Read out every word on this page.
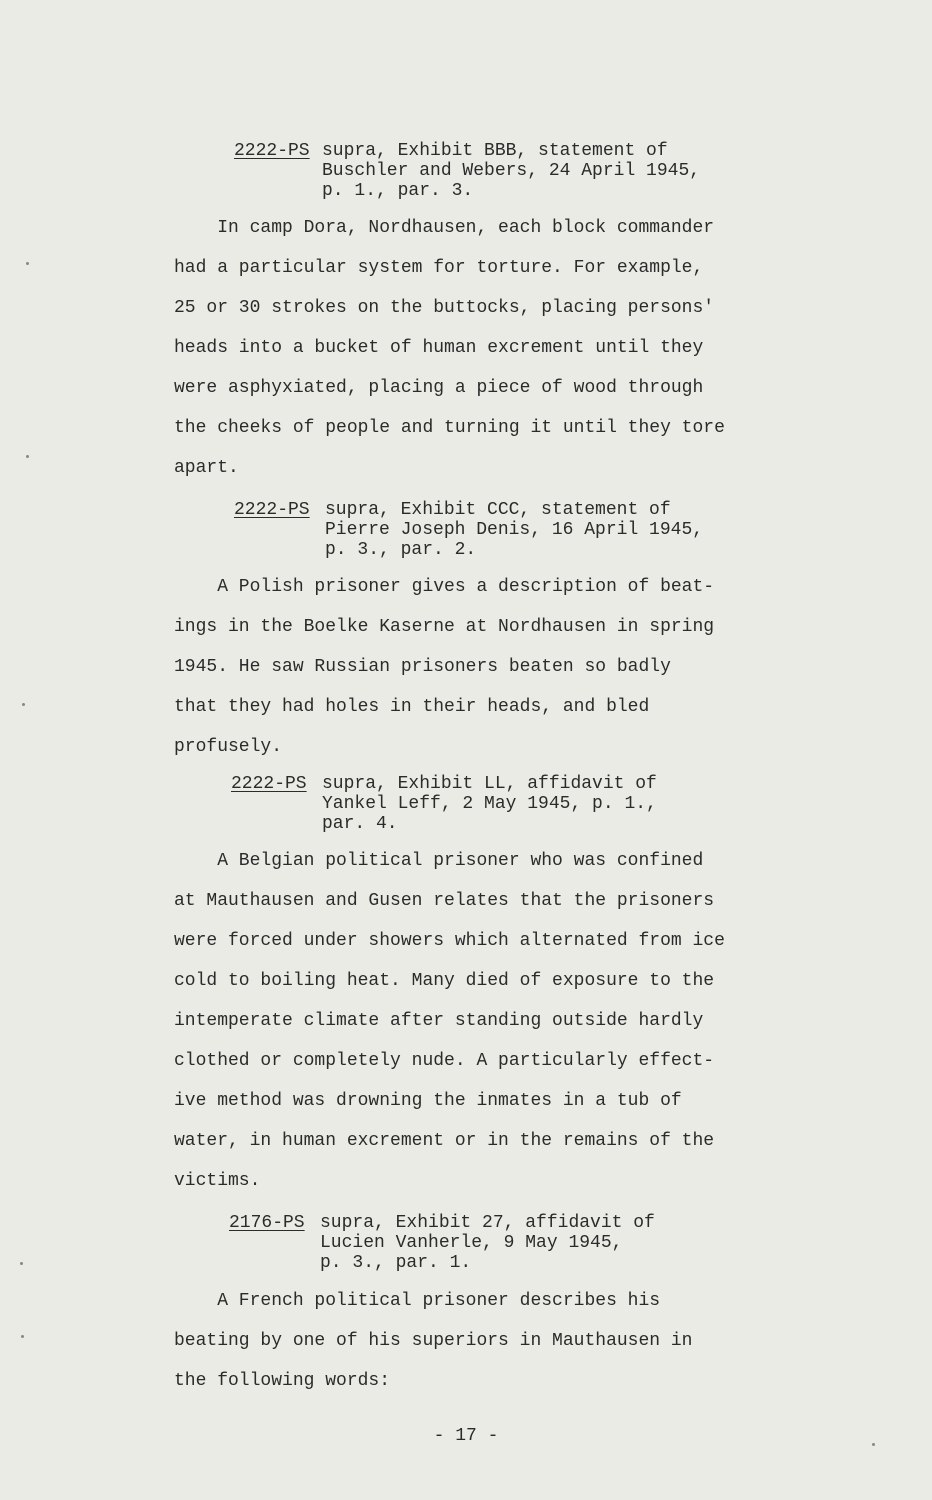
2222-PS supra, Exhibit BBB, statement of
Buschler and Webers, 24 April 1945,
p. 1., par. 3.
In camp Dora, Nordhausen, each block commander
had a particular system for torture. For example,
25 or 30 strokes on the buttocks, placing persons'
heads into a bucket of human excrement until they
were asphyxiated, placing a piece of wood through
the cheeks of people and turning it until they tore
apart.
2222-PS supra, Exhibit CCC, statement of
Pierre Joseph Denis, 16 April 1945,
p. 3., par. 2.
A Polish prisoner gives a description of beat-
ings in the Boelke Kaserne at Nordhausen in spring
1945. He saw Russian prisoners beaten so badly
that they had holes in their heads, and bled
profusely.
2222-PS supra, Exhibit LL, affidavit of
Yankel Leff, 2 May 1945, p. 1.,
par. 4.
A Belgian political prisoner who was confined
at Mauthausen and Gusen relates that the prisoners
were forced under showers which alternated from ice
cold to boiling heat. Many died of exposure to the
intemperate climate after standing outside hardly
clothed or completely nude. A particularly effect-
ive method was drowning the inmates in a tub of
water, in human excrement or in the remains of the
victims.
2176-PS supra, Exhibit 27, affidavit of
Lucien Vanherle, 9 May 1945,
p. 3., par. 1.
A French political prisoner describes his
beating by one of his superiors in Mauthausen in
the following words:
- 17 -
